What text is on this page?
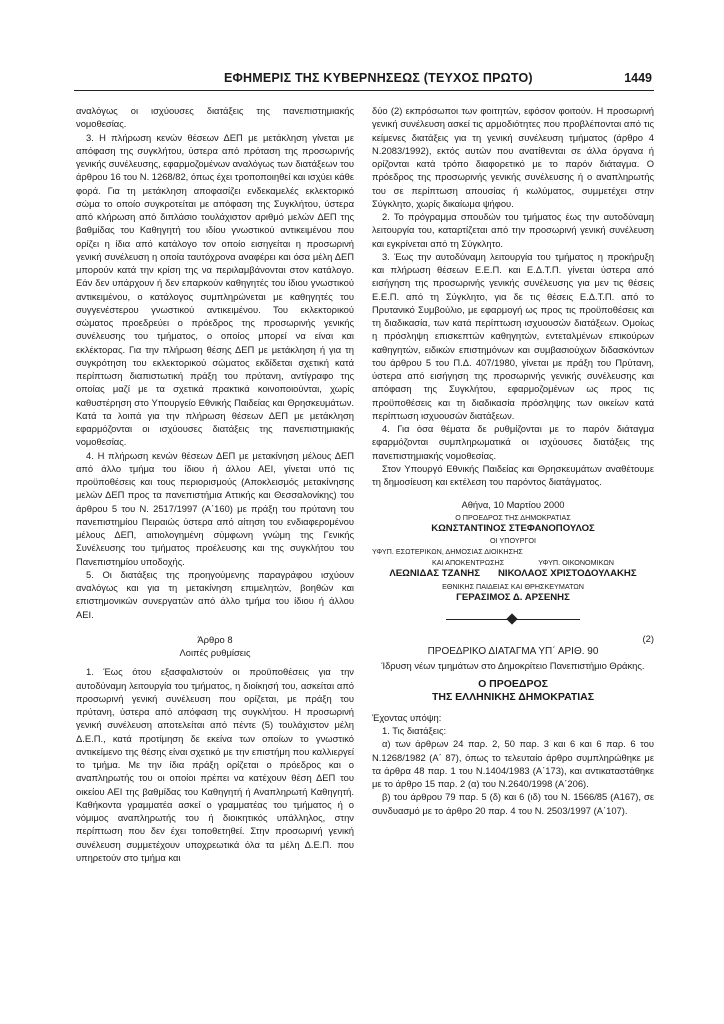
ΕΦΗΜΕΡΙΣ ΤΗΣ ΚΥΒΕΡΝΗΣΕΩΣ (ΤΕΥΧΟΣ ΠΡΩΤΟ)	1449

αναλόγως οι ισχύουσες διατάξεις της πανεπιστημιακής νομοθεσίας.

3. Η πλήρωση κενών θέσεων ΔΕΠ με μετάκληση γίνεται με απόφαση της συγκλήτου, ύστερα από πρόταση της προσωρινής γενικής συνέλευσης, εφαρμοζομένων αναλόγως των διατάξεων του άρθρου 16 του Ν. 1268/82, όπως έχει τροποποιηθεί και ισχύει κάθε φορά. Για τη μετάκληση αποφασίζει ενδεκαμελές εκλεκτορικό σώμα το οποίο συγκροτείται με απόφαση της Συγκλήτου, ύστερα από κλήρωση από διπλάσιο τουλάχιστον αριθμό μελών ΔΕΠ της βαθμίδας του Καθηγητή του ιδίου γνωστικού αντικειμένου που ορίζει η ίδια από κατάλογο τον οποίο εισηγείται η προσωρινή γενική συνέλευση η οποία ταυτόχρονα αναφέρει και όσα μέλη ΔΕΠ μπορούν κατά την κρίση της να περιλαμβάνονται στον κατάλογο. Εάν δεν υπάρχουν ή δεν επαρκούν καθηγητές του ίδιου γνωστικού αντικειμένου, ο κατάλογος συμπληρώνεται με καθηγητές του συγγενέστερου γνωστικού αντικειμένου. Του εκλεκτορικού σώματος προεδρεύει ο πρόεδρος της προσωρινής γενικής συνέλευσης του τμήματος, ο οποίος μπορεί να είναι και εκλέκτορας. Για την πλήρωση θέσης ΔΕΠ με μετάκληση ή για τη συγκρότηση του εκλεκτορικού σώματος εκδίδεται σχετική κατά περίπτωση διαπιστωτική πράξη του πρύτανη, αντίγραφο της οποίας μαζί με τα σχετικά πρακτικά κοινοποιούνται, χωρίς καθυστέρηση στο Υπουργείο Εθνικής Παιδείας και Θρησκευμάτων. Κατά τα λοιπά για την πλήρωση θέσεων ΔΕΠ με μετάκληση εφαρμόζονται οι ισχύουσες διατάξεις της πανεπιστημιακής νομοθεσίας.

4. Η πλήρωση κενών θέσεων ΔΕΠ με μετακίνηση μέλους ΔΕΠ από άλλο τμήμα του ίδιου ή άλλου ΑΕΙ, γίνεται υπό τις προϋποθέσεις και τους περιορισμούς (Αποκλεισμός μετακίνησης μελών ΔΕΠ προς τα πανεπιστήμια Αττικής και Θεσσαλονίκης) του άρθρου 5 του Ν. 2517/1997 (Α΄160) με πράξη του πρύτανη του πανεπιστημίου Πειραιώς ύστερα από αίτηση του ενδιαφερομένου μέλους ΔΕΠ, αιτιολογημένη σύμφωνη γνώμη της Γενικής Συνέλευσης του τμήματος προέλευσης και της συγκλήτου του Πανεπιστημίου υποδοχής.

5. Οι διατάξεις της προηγούμενης παραγράφου ισχύουν αναλόγως και για τη μετακίνηση επιμελητών, βοηθών και επιστημονικών συνεργατών από άλλο τμήμα του ίδιου ή άλλου ΑΕΙ.

Άρθρο 8

Λοιπές ρυθμίσεις

1. Έως ότου εξασφαλιστούν οι προϋποθέσεις για την αυτοδύναμη λειτουργία του τμήματος, η διοίκησή του, ασκείται από προσωρινή γενική συνέλευση που ορίζεται, με πράξη του πρύτανη, ύστερα από απόφαση της συγκλήτου. Η προσωρινή γενική συνέλευση αποτελείται από πέντε (5) τουλάχιστον μέλη Δ.Ε.Π., κατά προτίμηση δε εκείνα των οποίων το γνωστικό αντικείμενο της θέσης είναι σχετικό με την επιστήμη που καλλιεργεί το τμήμα. Με την ίδια πράξη ορίζεται ο πρόεδρος και ο αναπληρωτής του οι οποίοι πρέπει να κατέχουν θέση ΔΕΠ του οικείου ΑΕΙ της βαθμίδας του Καθηγητή ή Αναπληρωτή Καθηγητή. Καθήκοντα γραμματέα ασκεί ο γραμματέας του τμήματος ή ο νόμιμος αναπληρωτής του ή διοικητικός υπάλληλος, στην περίπτωση που δεν έχει τοποθετηθεί. Στην προσωρινή γενική συνέλευση συμμετέχουν υποχρεωτικά όλα τα μέλη Δ.Ε.Π. που υπηρετούν στο τμήμα και

δύο (2) εκπρόσωποι των φοιτητών, εφόσον φοιτούν. Η προσωρινή γενική συνέλευση ασκεί τις αρμοδιότητες που προβλέπονται από τις κείμενες διατάξεις για τη γενική συνέλευση τμήματος (άρθρο 4 Ν.2083/1992), εκτός αυτών που ανατίθενται σε άλλα όργανα ή ορίζονται κατά τρόπο διαφορετικό με το παρόν διάταγμα. Ο πρόεδρος της προσωρινής γενικής συνέλευσης ή ο αναπληρωτής του σε περίπτωση απουσίας ή κωλύματος, συμμετέχει στην Σύγκλητο, χωρίς δικαίωμα ψήφου.

2. Το πρόγραμμα σπουδών του τμήματος έως την αυτοδύναμη λειτουργία του, καταρτίζεται από την προσωρινή γενική συνέλευση και εγκρίνεται από τη Σύγκλητο.

3. Έως την αυτοδύναμη λειτουργία του τμήματος η προκήρυξη και πλήρωση θέσεων Ε.Ε.Π. και Ε.Δ.Τ.Π. γίνεται ύστερα από εισήγηση της προσωρινής γενικής συνέλευσης για μεν τις θέσεις Ε.Ε.Π. από τη Σύγκλητο, για δε τις θέσεις Ε.Δ.Τ.Π. από το Πρυτανικό Συμβούλιο, με εφαρμογή ως προς τις προϋποθέσεις και τη διαδικασία, των κατά περίπτωση ισχυουσών διατάξεων. Ομοίως η πρόσληψη επισκεπτών καθηγητών, εντεταλμένων επικούρων καθηγητών, ειδικών επιστημόνων και συμβασιούχων διδασκόντων του άρθρου 5 του Π.Δ. 407/1980, γίνεται με πράξη του Πρύτανη, ύστερα από εισήγηση της προσωρινής γενικής συνέλευσης και απόφαση της Συγκλήτου, εφαρμοζομένων ως προς τις προϋποθέσεις και τη διαδικασία πρόσληψης των οικείων κατά περίπτωση ισχυουσών διατάξεων.

4. Για όσα θέματα δε ρυθμίζονται με το παρόν διάταγμα εφαρμόζονται συμπληρωματικά οι ισχύουσες διατάξεις της πανεπιστημιακής νομοθεσίας.

Στον Υπουργό Εθνικής Παιδείας και Θρησκευμάτων αναθέτουμε τη δημοσίευση και εκτέλεση του παρόντος διατάγματος.

Αθήνα, 10 Μαρτίου 2000

Ο ΠΡΟΕΔΡΟΣ ΤΗΣ ΔΗΜΟΚΡΑΤΙΑΣ
ΚΩΝΣΤΑΝΤΙΝΟΣ ΣΤΕΦΑΝΟΠΟΥΛΟΣ
ΟΙ ΥΠΟΥΡΓΟΙ
ΥΦΥΠ. ΕΣΩΤΕΡΙΚΩΝ, ΔΗΜΟΣΙΑΣ ΔΙΟΙΚΗΣΗΣ
ΚΑΙ ΑΠΟΚΕΝΤΡΩΣΗΣ	ΥΦΥΠ. ΟΙΚΟΝΟΜΙΚΩΝ
ΛΕΩΝΙΔΑΣ ΤΖΑΝΗΣ ΝΙΚΟΛΑΟΣ ΧΡΙΣΤΟΔΟΥΛΑΚΗΣ
ΕΘΝΙΚΗΣ ΠΑΙΔΕΙΑΣ ΚΑΙ ΘΡΗΣΚΕΥΜΑΤΩΝ
ΓΕΡΑΣΙΜΟΣ Δ. ΑΡΣΕΝΗΣ

(2)

ΠΡΟΕΔΡΙΚΟ ΔΙΑΤΑΓΜΑ ΥΠ΄ ΑΡΙΘ. 90

Ίδρυση νέων τμημάτων στο Δημοκρίτειο Πανεπιστήμιο Θράκης.

Ο ΠΡΟΕΔΡΟΣ
ΤΗΣ ΕΛΛΗΝΙΚΗΣ ΔΗΜΟΚΡΑΤΙΑΣ

Έχοντας υπόψη:

1. Τις διατάξεις:

α) των άρθρων 24 παρ. 2, 50 παρ. 3 και 6 και 6 παρ. 6 του Ν.1268/1982 (Α΄ 87), όπως το τελευταίο άρθρο συμπληρώθηκε με τα άρθρα 48 παρ. 1 του Ν.1404/1983 (Α΄173), και αντικαταστάθηκε με το άρθρο 15 παρ. 2 (α) του Ν.2640/1998 (Α΄206).

β) του άρθρου 79 παρ. 5 (δ) και 6 (ιδ) του Ν. 1566/85 (Α167), σε συνδυασμό με το άρθρο 20 παρ. 4 του Ν. 2503/1997 (Α΄107).
